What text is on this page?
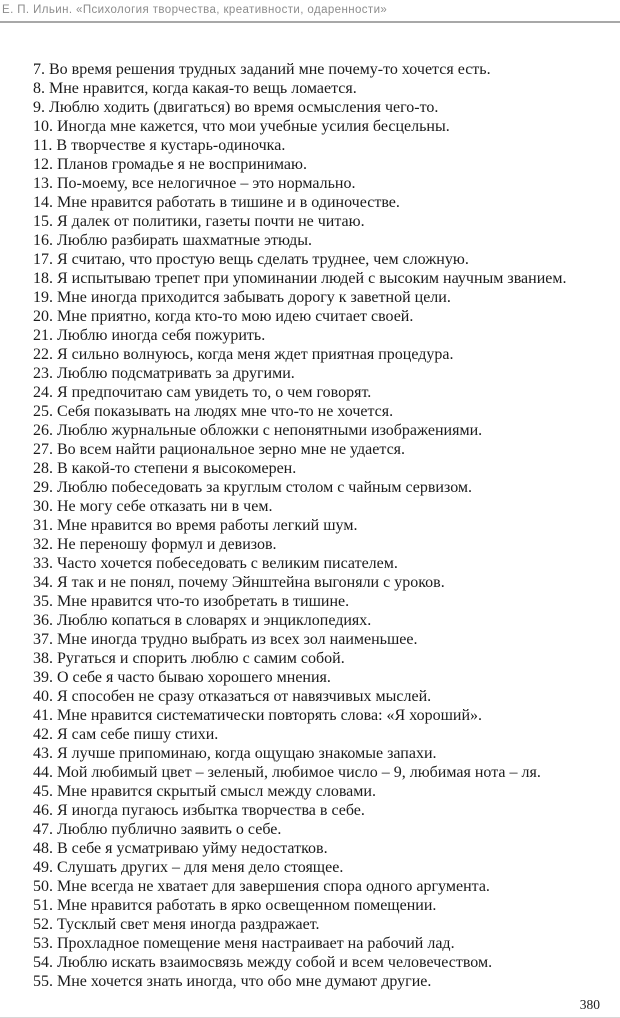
Е. П. Ильин. «Психология творчества, креативности, одаренности»
7. Во время решения трудных заданий мне почему-то хочется есть.
8. Мне нравится, когда какая-то вещь ломается.
9. Люблю ходить (двигаться) во время осмысления чего-то.
10. Иногда мне кажется, что мои учебные усилия бесцельны.
11. В творчестве я кустарь-одиночка.
12. Планов громадье я не воспринимаю.
13. По-моему, все нелогичное – это нормально.
14. Мне нравится работать в тишине и в одиночестве.
15. Я далек от политики, газеты почти не читаю.
16. Люблю разбирать шахматные этюды.
17. Я считаю, что простую вещь сделать труднее, чем сложную.
18. Я испытываю трепет при упоминании людей с высоким научным званием.
19. Мне иногда приходится забывать дорогу к заветной цели.
20. Мне приятно, когда кто-то мою идею считает своей.
21. Люблю иногда себя пожурить.
22. Я сильно волнуюсь, когда меня ждет приятная процедура.
23. Люблю подсматривать за другими.
24. Я предпочитаю сам увидеть то, о чем говорят.
25. Себя показывать на людях мне что-то не хочется.
26. Люблю журнальные обложки с непонятными изображениями.
27. Во всем найти рациональное зерно мне не удается.
28. В какой-то степени я высокомерен.
29. Люблю побеседовать за круглым столом с чайным сервизом.
30. Не могу себе отказать ни в чем.
31. Мне нравится во время работы легкий шум.
32. Не переношу формул и девизов.
33. Часто хочется побеседовать с великим писателем.
34. Я так и не понял, почему Эйнштейна выгоняли с уроков.
35. Мне нравится что-то изобретать в тишине.
36. Люблю копаться в словарях и энциклопедиях.
37. Мне иногда трудно выбрать из всех зол наименьшее.
38. Ругаться и спорить люблю с самим собой.
39. О себе я часто бываю хорошего мнения.
40. Я способен не сразу отказаться от навязчивых мыслей.
41. Мне нравится систематически повторять слова: «Я хороший».
42. Я сам себе пишу стихи.
43. Я лучше припоминаю, когда ощущаю знакомые запахи.
44. Мой любимый цвет – зеленый, любимое число – 9, любимая нота – ля.
45. Мне нравится скрытый смысл между словами.
46. Я иногда пугаюсь избытка творчества в себе.
47. Люблю публично заявить о себе.
48. В себе я усматриваю уйму недостатков.
49. Слушать других – для меня дело стоящее.
50. Мне всегда не хватает для завершения спора одного аргумента.
51. Мне нравится работать в ярко освещенном помещении.
52. Тусклый свет меня иногда раздражает.
53. Прохладное помещение меня настраивает на рабочий лад.
54. Люблю искать взаимосвязь между собой и всем человечеством.
55. Мне хочется знать иногда, что обо мне думают другие.
380
